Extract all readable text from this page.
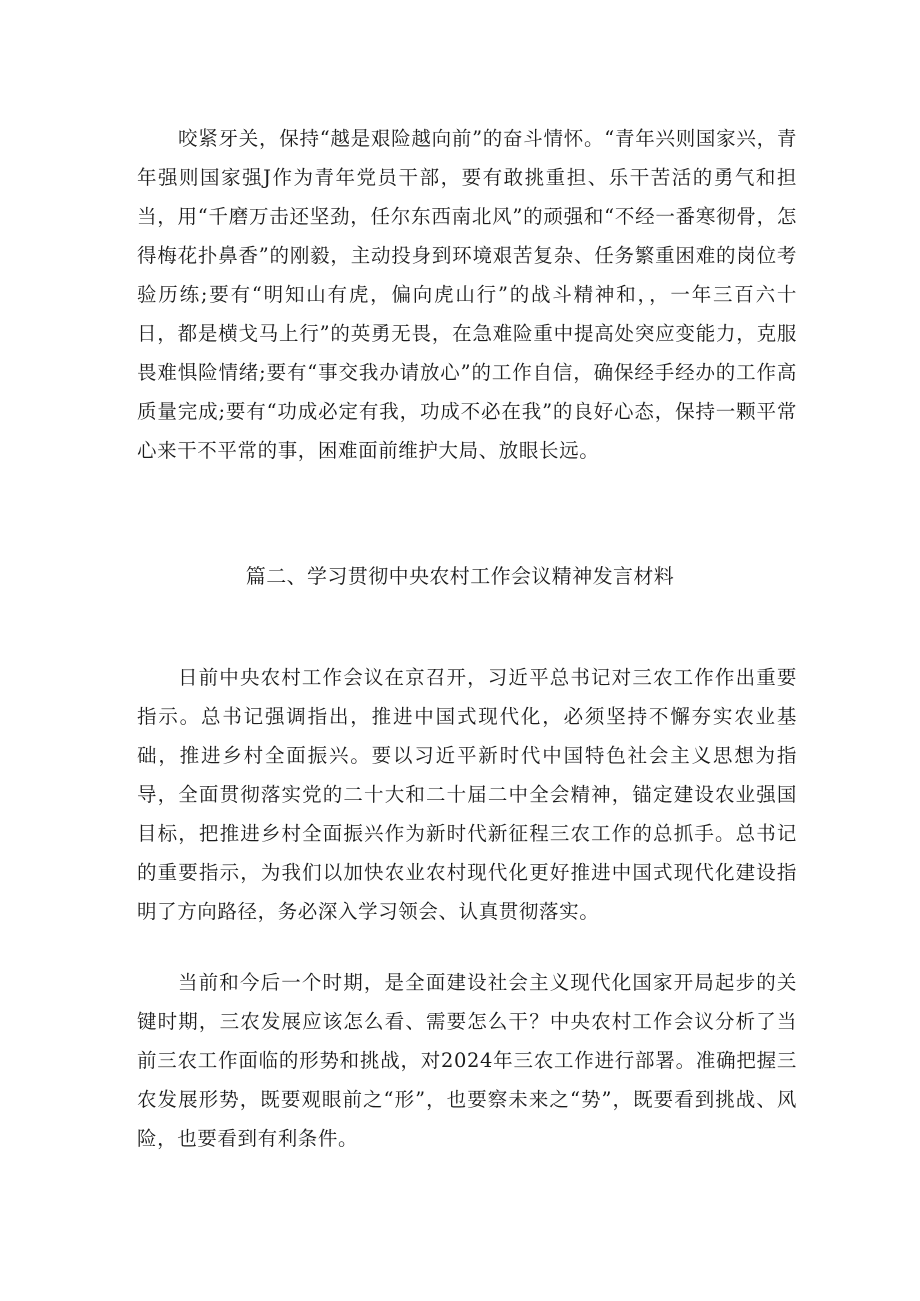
咬紧牙关，保持“越是艰险越向前”的奋斗情怀。“青年兴则国家兴，青年强则国家强J作为青年党员干部，要有敢挑重担、乐干苦活的勇气和担当，用“千磨万击还坚劲，任尔东西南北风”的顽强和“不经一番寒彻骨，怎得梅花扑鼻香”的刚毅，主动投身到环境艰苦复杂、任务繁重困难的岗位考验历练;要有“明知山有虎，偏向虎山行”的战斗精神和，，一年三百六十日，都是横戈马上行”的英勇无畏，在急难险重中提高处突应变能力，克服畏难惧险情绪;要有“事交我办请放心”的工作自信，确保经手经办的工作高质量完成;要有“功成必定有我，功成不必在我”的良好心态，保持一颗平常心来干不平常的事，困难面前维护大局、放眼长远。

篇二、学习贯彻中央农村工作会议精神发言材料

日前中央农村工作会议在京召开，习近平总书记对三农工作作出重要指示。总书记强调指出，推进中国式现代化，必须坚持不懈夯实农业基础，推进乡村全面振兴。要以习近平新时代中国特色社会主义思想为指导，全面贯彻落实党的二十大和二十届二中全会精神，锚定建设农业强国目标，把推进乡村全面振兴作为新时代新征程三农工作的总抓手。总书记的重要指示，为我们以加快农业农村现代化更好推进中国式现代化建设指明了方向路径，务必深入学习领会、认真贯彻落实。

当前和今后一个时期，是全面建设社会主义现代化国家开局起步的关键时期，三农发展应该怎么看、需要怎么干？中央农村工作会议分析了当前三农工作面临的形势和挑战，对2024年三农工作进行部署。准确把握三农发展形势，既要观眼前之“形”，也要察未来之“势”，既要看到挑战、风险，也要看到有利条件。
